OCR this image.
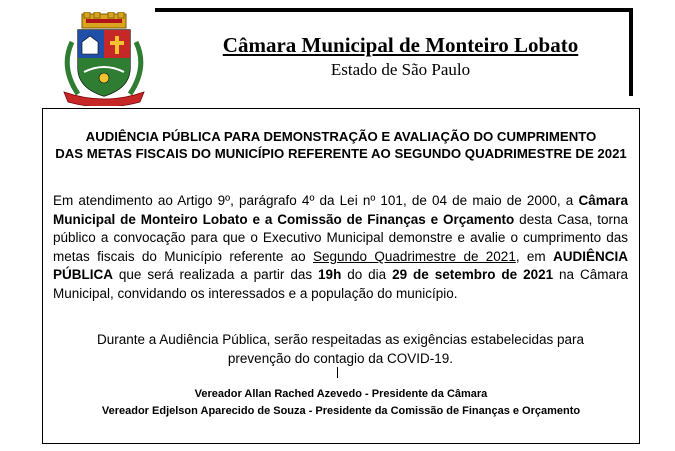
Câmara Municipal de Monteiro Lobato
Estado de São Paulo
AUDIÊNCIA PÚBLICA PARA DEMONSTRAÇÃO E AVALIAÇÃO DO CUMPRIMENTO
DAS METAS FISCAIS DO MUNICÍPIO REFERENTE AO SEGUNDO QUADRIMESTRE DE 2021
Em atendimento ao Artigo 9º, parágrafo 4º da Lei nº 101, de 04 de maio de 2000, a Câmara Municipal de Monteiro Lobato e a Comissão de Finanças e Orçamento desta Casa, torna público a convocação para que o Executivo Municipal demonstre e avalie o cumprimento das metas fiscais do Município referente ao Segundo Quadrimestre de 2021, em AUDIÊNCIA PÚBLICA que será realizada a partir das 19h do dia 29 de setembro de 2021 na Câmara Municipal, convidando os interessados e a população do município.
Durante a Audiência Pública, serão respeitadas as exigências estabelecidas para
prevenção do contagio da COVID-19.
Vereador Allan Rached Azevedo - Presidente da Câmara
Vereador Edjelson Aparecido de Souza - Presidente da Comissão de Finanças e Orçamento
